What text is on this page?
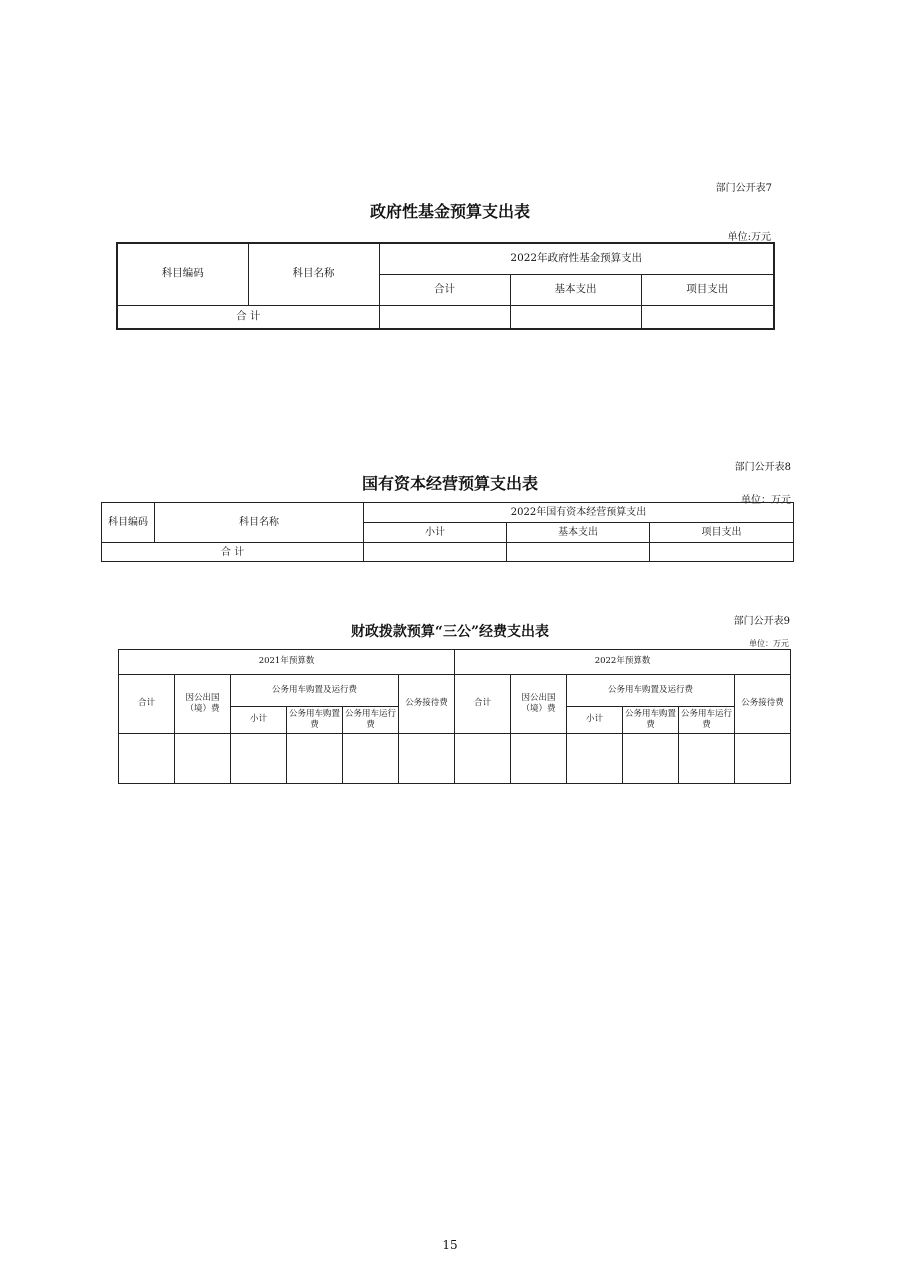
部门公开表7
政府性基金预算支出表
单位:万元
科目编码	科目名称	2022年政府性基金预算支出		
		合计	基本支出	项目支出
合 计				
部门公开表8
国有资本经营预算支出表
单位：万元
科目编码	科目名称	2022年国有资本经营预算支出		
		小计	基本支出	项目支出
合 计				
部门公开表9
财政拨款预算“三公”经费支出表
单位：万元
2021年预算数						2022年预算数					
合计	因公出国（境）费	公务用车购置及运行费			公务接待费	合计	因公出国（境）费	公务用车购置及运行费			公务接待费
		小计	公务用车购置费	公务用车运行费				小计	公务用车购置费	公务用车运行费	

15
